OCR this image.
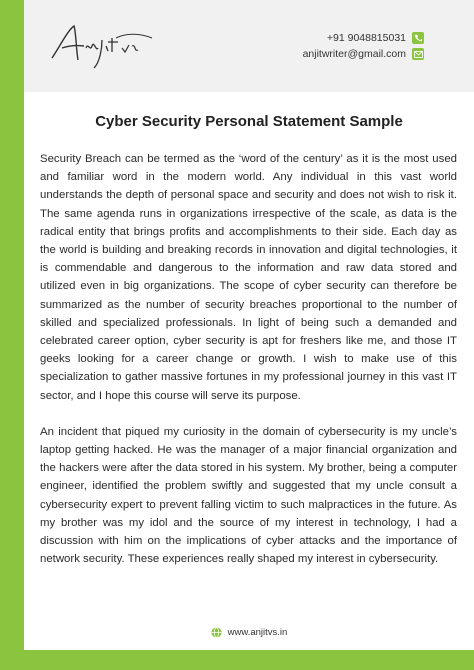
+91 9048815031
anjitwriter@gmail.com
Cyber Security Personal Statement Sample

Security Breach can be termed as the ‘word of the century’ as it is the most used and familiar word in the modern world. Any individual in this vast world understands the depth of personal space and security and does not wish to risk it. The same agenda runs in organizations irrespective of the scale, as data is the radical entity that brings profits and accomplishments to their side. Each day as the world is building and breaking records in innovation and digital technologies, it is commendable and dangerous to the information and raw data stored and utilized even in big organizations. The scope of cyber security can therefore be summarized as the number of security breaches proportional to the number of skilled and specialized professionals. In light of being such a demanded and celebrated career option, cyber security is apt for freshers like me, and those IT geeks looking for a career change or growth. I wish to make use of this specialization to gather massive fortunes in my professional journey in this vast IT sector, and I hope this course will serve its purpose.

An incident that piqued my curiosity in the domain of cybersecurity is my uncle’s laptop getting hacked. He was the manager of a major financial organization and the hackers were after the data stored in his system. My brother, being a computer engineer, identified the problem swiftly and suggested that my uncle consult a cybersecurity expert to prevent falling victim to such malpractices in the future. As my brother was my idol and the source of my interest in technology, I had a discussion with him on the implications of cyber attacks and the importance of network security. These experiences really shaped my interest in cybersecurity.

www.anjitvs.in
